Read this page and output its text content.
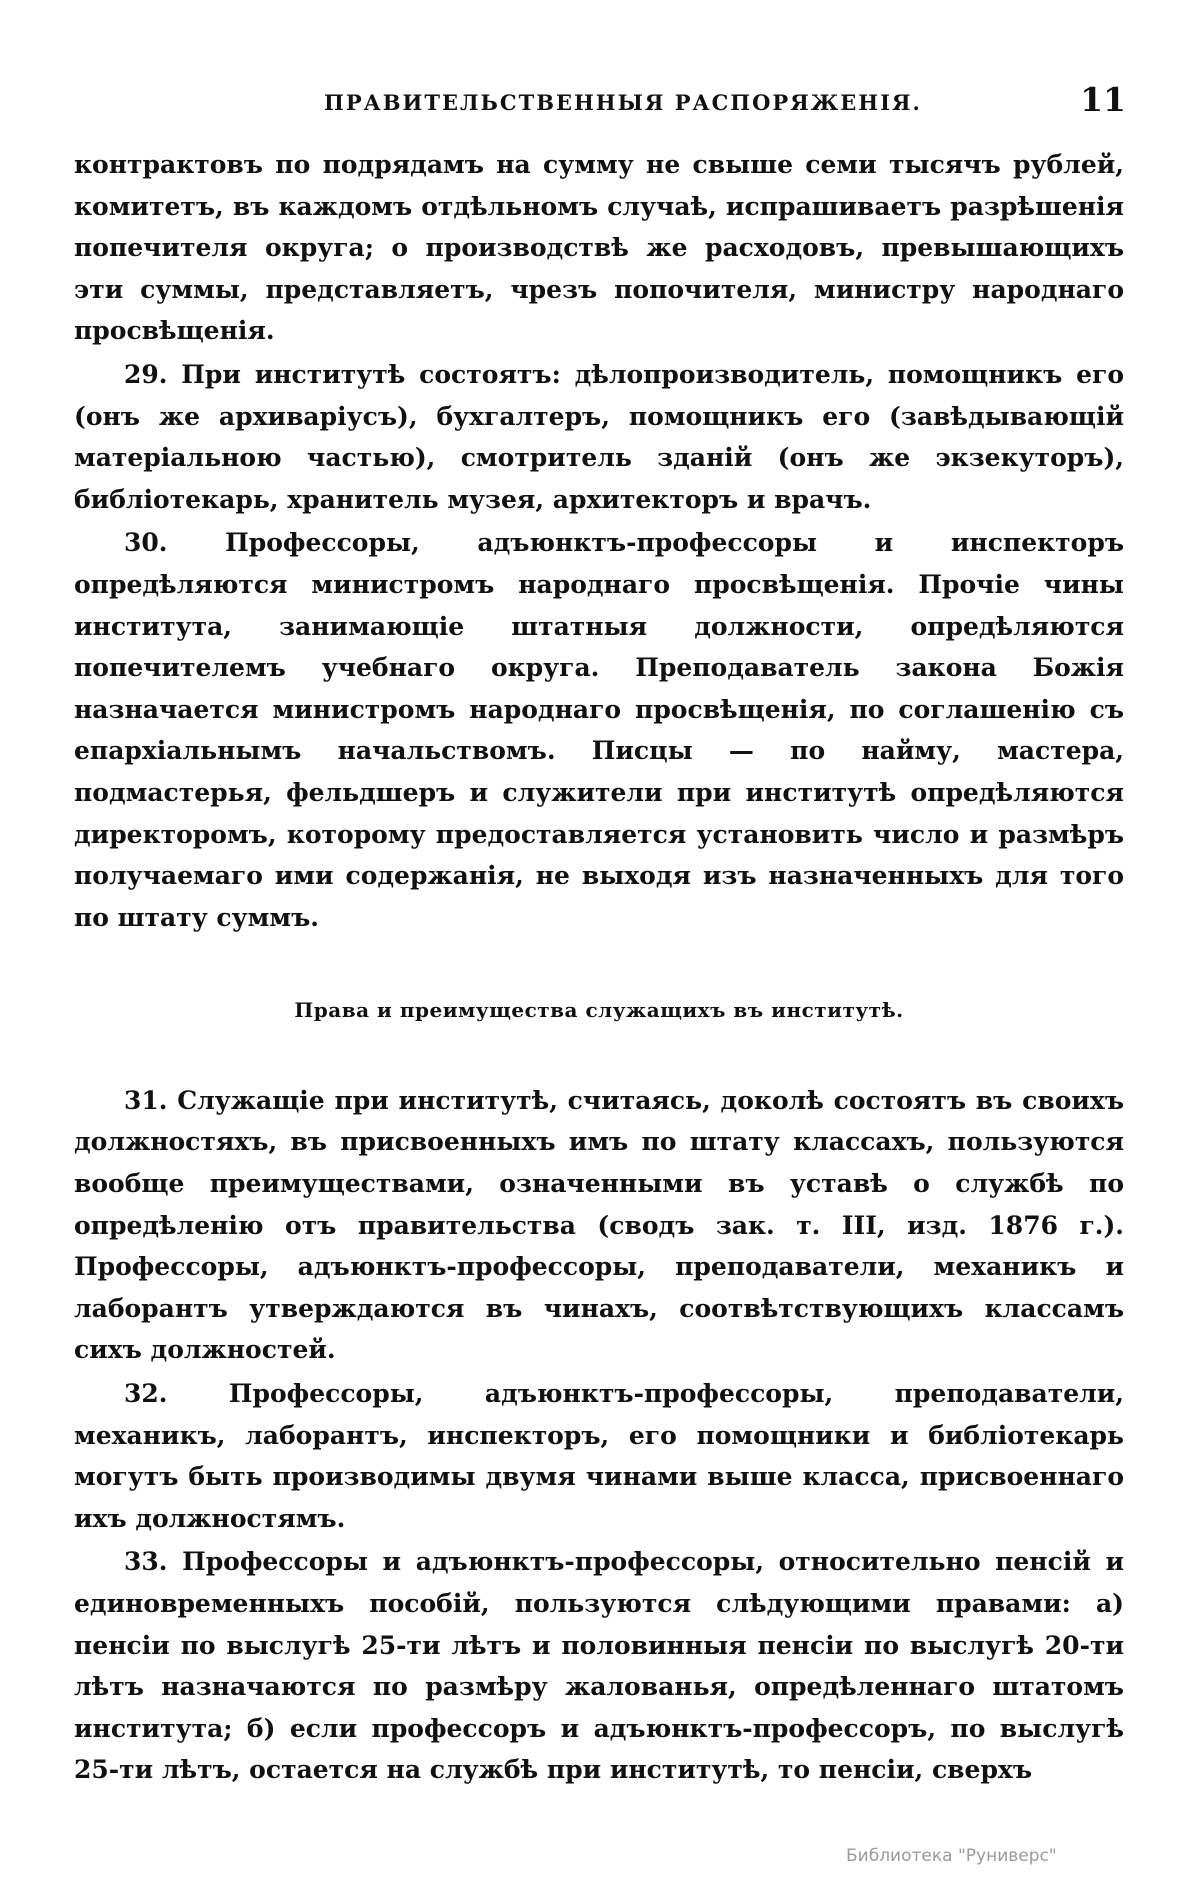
ПРАВИТЕЛЬСТВЕННЫЯ РАСПОРЯЖЕНІЯ.	11

контрактовъ по подрядамъ на сумму не свыше семи тысячъ рублей, комитетъ, въ каждомъ отдѣльномъ случаѣ, испрашиваетъ разрѣшенія попечителя округа; о производствѣ же расходовъ, превышающихъ эти суммы, представляетъ, чрезъ попочителя, министру народнаго просвѣщенія.

29. При институтѣ состоятъ: дѣлопроизводитель, помощникъ его (онъ же архиваріусъ), бухгалтеръ, помощникъ его (завѣдывающій матеріальною частью), смотритель зданій (онъ же экзекуторъ), библіотекарь, хранитель музея, архитекторъ и врачъ.

30. Профессоры, адъюнктъ-профессоры и инспекторъ опредѣляются министромъ народнаго просвѣщенія. Прочіе чины института, занимающіе штатныя должности, опредѣляются попечителемъ учебнаго округа. Преподаватель закона Божія назначается министромъ народнаго просвѣщенія, по соглашенію съ епархіальнымъ начальствомъ. Писцы — по найму, мастера, подмастерья, фельдшеръ и служители при институтѣ опредѣляются директоромъ, которому предоставляется установить число и размѣръ получаемаго ими содержанія, не выходя изъ назначенныхъ для того по штату суммъ.

Права и преимущества служащихъ въ институтѣ.

31. Служащіе при институтѣ, считаясь, доколѣ состоятъ въ своихъ должностяхъ, въ присвоенныхъ имъ по штату классахъ, пользуются вообще преимуществами, означенными въ уставѣ о службѣ по опредѣленію отъ правительства (сводъ зак. т. III, изд. 1876 г.). Профессоры, адъюнктъ-профессоры, преподаватели, механикъ и лаборантъ утверждаются въ чинахъ, соотвѣтствующихъ классамъ сихъ должностей.

32. Профессоры, адъюнктъ-профессоры, преподаватели, механикъ, лаборантъ, инспекторъ, его помощники и библіотекарь могутъ быть производимы двумя чинами выше класса, присвоеннаго ихъ должностямъ.

33. Профессоры и адъюнктъ-профессоры, относительно пенсій и единовременныхъ пособій, пользуются слѣдующими правами: а) пенсіи по выслугѣ 25-ти лѣтъ и половинныя пенсіи по выслугѣ 20-ти лѣтъ назначаются по размѣру жалованья, опредѣленнаго штатомъ института; б) если профессоръ и адъюнктъ-профессоръ, по выслугѣ 25-ти лѣтъ, остается на службѣ при институтѣ, то пенсіи, сверхъ

Библиотека "Руниверс"
